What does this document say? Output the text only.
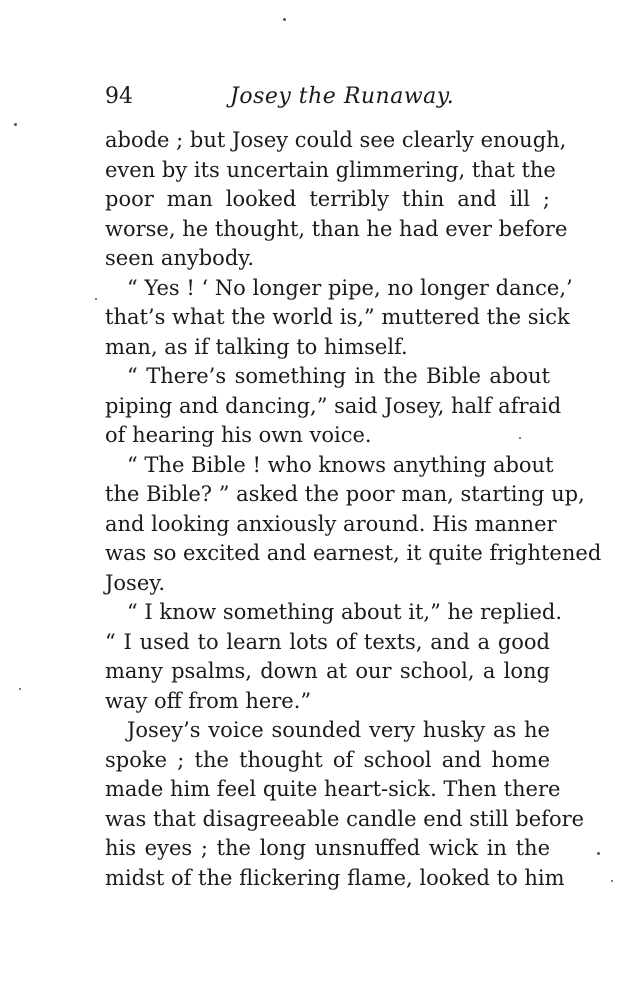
94	Josey the Runaway.

abode ; but Josey could see clearly enough,
even by its uncertain glimmering, that the
poor man looked terribly thin and ill ;
worse, he thought, than he had ever before
seen anybody.

“ Yes ! ‘ No longer pipe, no longer dance,’
that’s what the world is,” muttered the sick
man, as if talking to himself.

“ There’s something in the Bible about
piping and dancing,” said Josey, half afraid
of hearing his own voice.

“ The Bible ! who knows anything about
the Bible? ” asked the poor man, starting up,
and looking anxiously around. His manner
was so excited and earnest, it quite frightened
Josey.

“ I know something about it,” he replied.
“ I used to learn lots of texts, and a good
many psalms, down at our school, a long
way off from here.”

Josey’s voice sounded very husky as he
spoke ; the thought of school and home
made him feel quite heart-sick. Then there
was that disagreeable candle end still before
his eyes ; the long unsnuffed wick in the
midst of the flickering flame, looked to him
